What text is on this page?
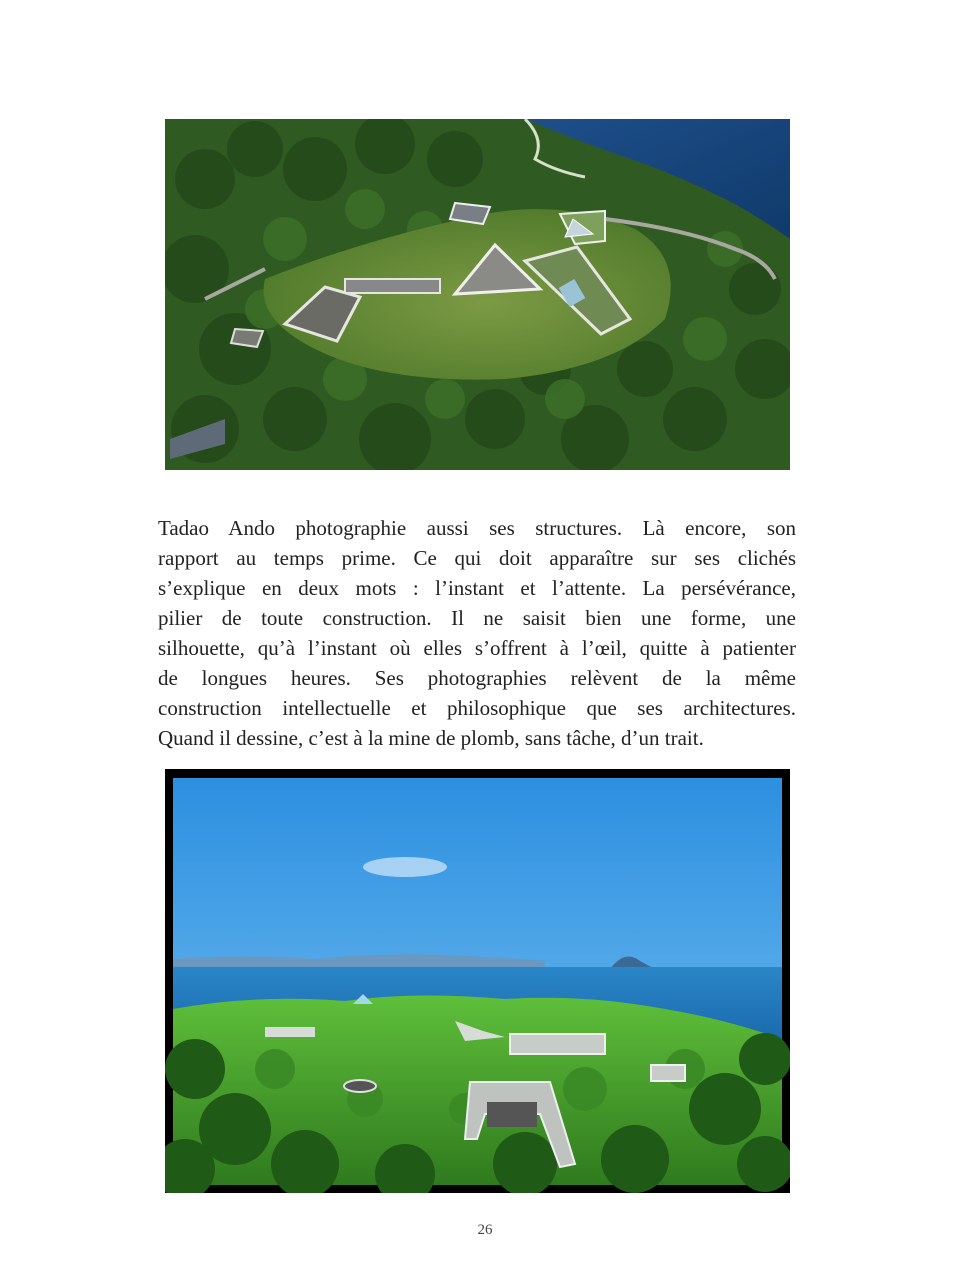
Tadao Ando photographie aussi ses structures. Là encore, son
rapport au temps prime. Ce qui doit apparaître sur ses clichés
s’explique en deux mots : l’instant et l’attente. La persévérance,
pilier de toute construction. Il ne saisit bien une forme, une
silhouette, qu’à l’instant où elles s’offrent à l’œil, quitte à patienter
de longues heures. Ses photographies relèvent de la même
construction intellectuelle et philosophique que ses architectures.
Quand il dessine, c’est à la mine de plomb, sans tâche, d’un trait.

26
